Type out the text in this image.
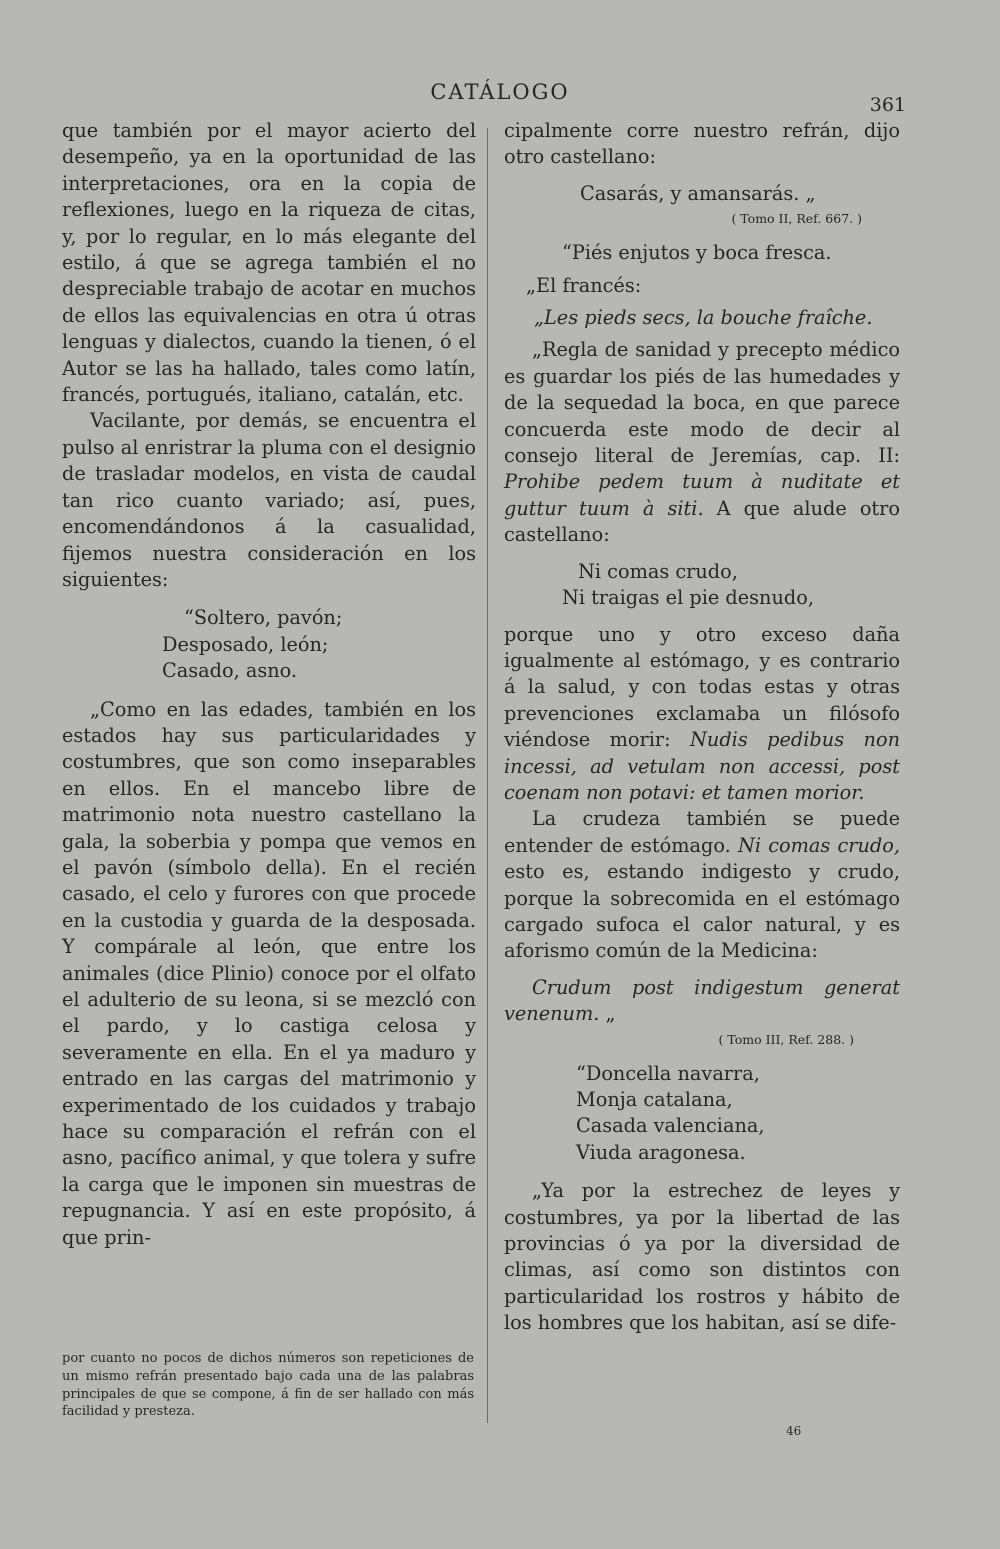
CATÁLOGO
361

que también por el mayor acierto del desempeño, ya en la oportunidad de las interpretaciones, ora en la copia de reflexiones, luego en la riqueza de citas, y, por lo regular, en lo más elegante del estilo, á que se agrega también el no despreciable trabajo de acotar en muchos de ellos las equivalencias en otra ú otras lenguas y dialectos, cuando la tienen, ó el Autor se las ha hallado, tales como latín, francés, portugués, italiano, catalán, etc.

Vacilante, por demás, se encuentra el pulso al enristrar la pluma con el designio de trasladar modelos, en vista de caudal tan rico cuanto variado; así, pues, encomendándonos á la casualidad, fijemos nuestra consideración en los siguientes:

“Soltero, pavón;
Desposado, león;
Casado, asno.

„Como en las edades, también en los estados hay sus particularidades y costumbres, que son como inseparables en ellos. En el mancebo libre de matrimonio nota nuestro castellano la gala, la soberbia y pompa que vemos en el pavón (símbolo della). En el recién casado, el celo y furores con que procede en la custodia y guarda de la desposada. Y compárale al león, que entre los animales (dice Plinio) conoce por el olfato el adulterio de su leona, si se mezcló con el pardo, y lo castiga celosa y severamente en ella. En el ya maduro y entrado en las cargas del matrimonio y experimentado de los cuidados y trabajo hace su comparación el refrán con el asno, pacífico animal, y que tolera y sufre la carga que le imponen sin muestras de repugnancia. Y así en este propósito, á que prin-

por cuanto no pocos de dichos números son repeticiones de un mismo refrán presentado bajo cada una de las palabras principales de que se compone, á fin de ser hallado con más facilidad y presteza.

cipalmente corre nuestro refrán, dijo otro castellano:

Casarás, y amansarás. „
( Tomo II, Ref. 667. )
“Piés enjutos y boca fresca.
„El francés:
„Les pieds secs, la bouche fraîche.

„Regla de sanidad y precepto médico es guardar los piés de las humedades y de la sequedad la boca, en que parece concuerda este modo de decir al consejo literal de Jeremías, cap. II: Prohibe pedem tuum à nuditate et guttur tuum à siti. A que alude otro castellano:

Ni comas crudo,
Ni traigas el pie desnudo,

porque uno y otro exceso daña igualmente al estómago, y es contrario á la salud, y con todas estas y otras prevenciones exclamaba un filósofo viéndose morir: Nudis pedibus non incessi, ad vetulam non accessi, post coenam non potavi: et tamen morior.

La crudeza también se puede entender de estómago. Ni comas crudo, esto es, estando indigesto y crudo, porque la sobrecomida en el estómago cargado sufoca el calor natural, y es aforismo común de la Medicina:

Crudum post indigestum generat venenum. „

( Tomo III, Ref. 288. )
“Doncella navarra,
Monja catalana,
Casada valenciana,
Viuda aragonesa.

„Ya por la estrechez de leyes y costumbres, ya por la libertad de las provincias ó ya por la diversidad de climas, así como son distintos con particularidad los rostros y hábito de los hombres que los habitan, así se dife-

46
